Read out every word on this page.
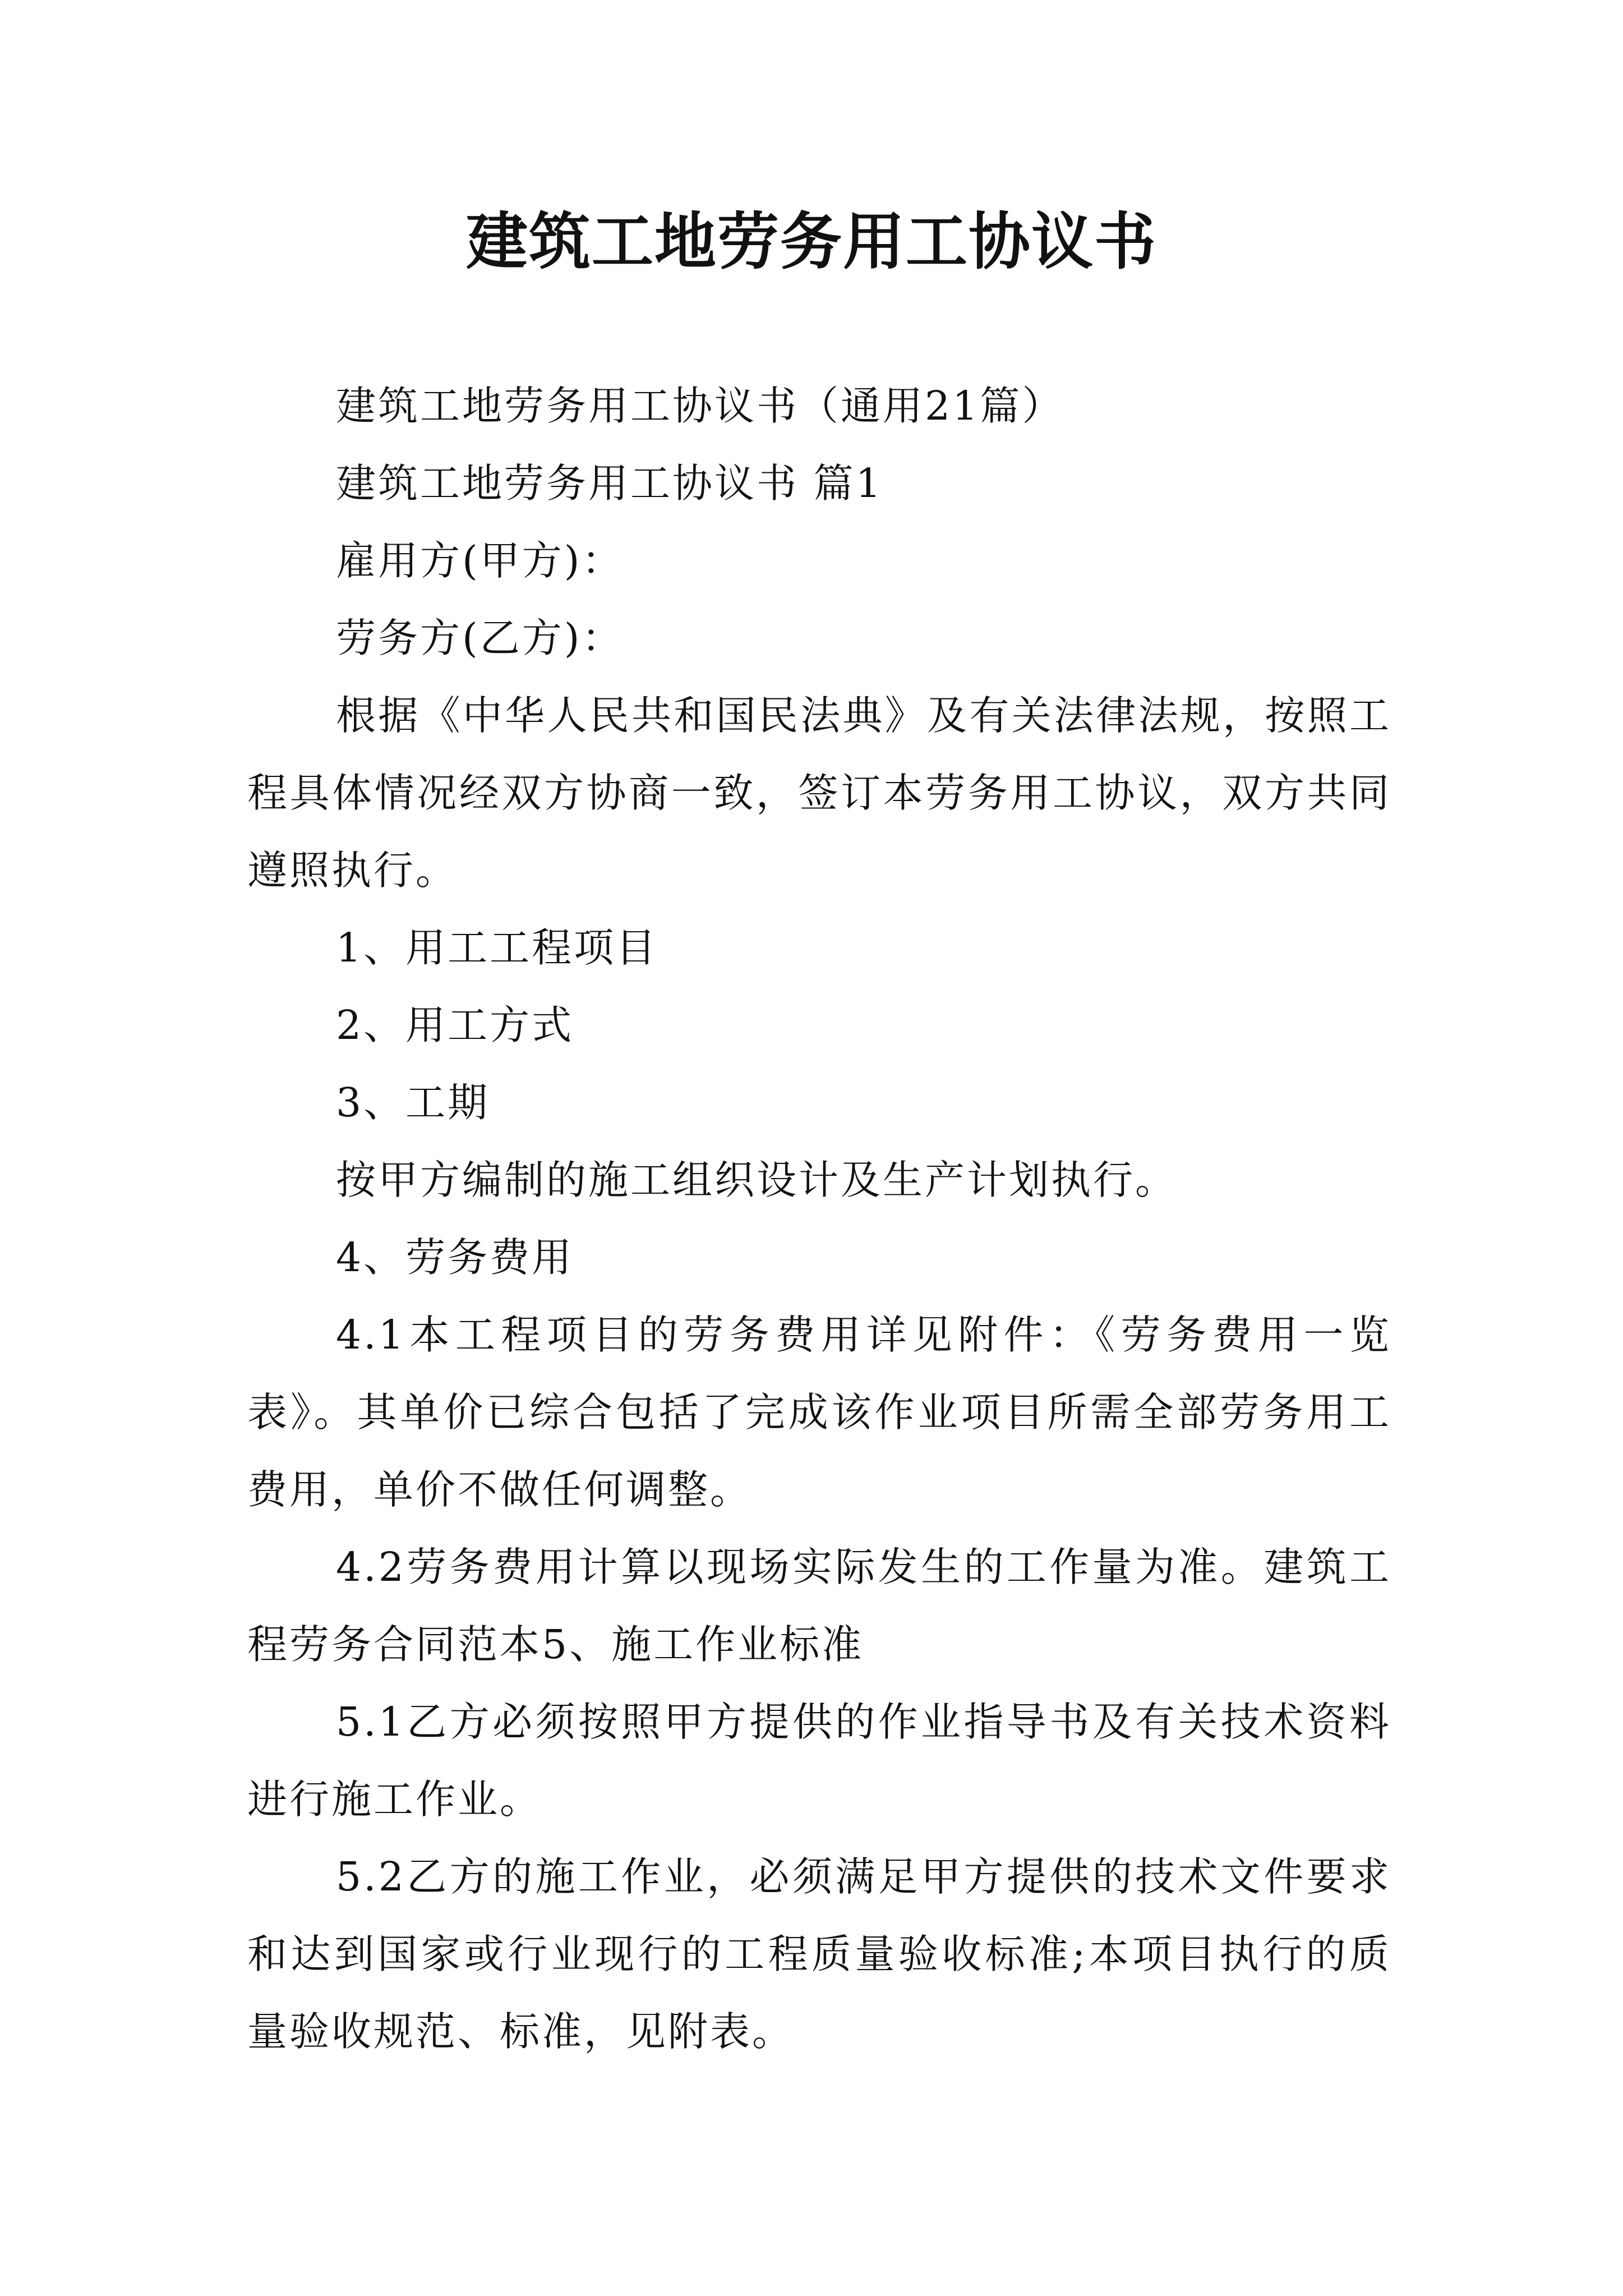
建筑工地劳务用工协议书

建筑工地劳务用工协议书（通用21篇）

建筑工地劳务用工协议书 篇1

雇用方(甲方)：

劳务方(乙方)：

根据《中华人民共和国民法典》及有关法律法规，按照工程具体情况经双方协商一致，签订本劳务用工协议，双方共同遵照执行。

1、用工工程项目

2、用工方式

3、工期

按甲方编制的施工组织设计及生产计划执行。

4、劳务费用

4.1本工程项目的劳务费用详见附件：《劳务费用一览表》。其单价已综合包括了完成该作业项目所需全部劳务用工费用，单价不做任何调整。

4.2劳务费用计算以现场实际发生的工作量为准。建筑工程劳务合同范本5、施工作业标准

5.1乙方必须按照甲方提供的作业指导书及有关技术资料进行施工作业。

5.2乙方的施工作业，必须满足甲方提供的技术文件要求和达到国家或行业现行的工程质量验收标准;本项目执行的质量验收规范、标准，见附表。
